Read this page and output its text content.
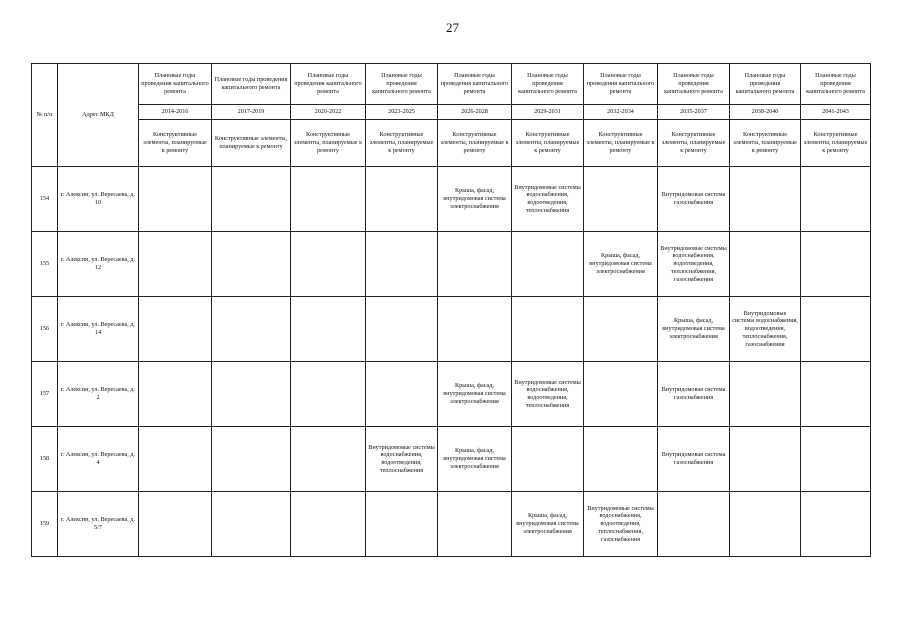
27
№ п/п	Адрес МКД	Плановые годы проведения капитального ремонта	Плановые годы проведения капитального ремонта	Плановые годы проведения капитального ремонта	Плановые годы проведения капитального ремонта	Плановые годы проведения капитального ремонта	Плановые годы проведения капитального ремонта	Плановые годы проведения капитального ремонта	Плановые годы проведения капитального ремонта	Плановые годы проведения капитального ремонта	Плановые годы проведения капитального ремонта
		2014-2016	2017-2019	2020-2022	2023-2025	2026-2028	2029-2031	2032-2034	2035-2037	2038-2040	2041-2043
		Конструктивные элементы, планируемые к ремонту	Конструктивные элементы, планируемые к ремонту	Конструктивные элементы, планируемые к ремонту	Конструктивные элементы, планируемые к ремонту	Конструктивные элементы, планируемые к ремонту	Конструктивные элементы, планируемые к ремонту	Конструктивные элементы, планируемые к ремонту	Конструктивные элементы, планируемые к ремонту	Конструктивные элементы, планируемые к ремонту	Конструктивные элементы, планируемые к ремонту
154	г. Алексин, ул. Вересаева, д. 10					Крыша, фасад, внутридомовая система электроснабжения	Внутридомовые системы водоснабжения, водоотведения, теплоснабжения		Внутридомовая система газоснабжения		
155	г. Алексин, ул. Вересаева, д. 12							Крыша, фасад, внутридомовая система электроснабжения	Внутридомовые системы водоснабжения, водоотведения, теплоснабжения, газоснабжения		
156	г. Алексин, ул. Вересаева, д. 14								Крыша, фасад, внутридомовая система электроснабжения	Внутридомовые системы водоснабжения, водоотведения, теплоснабжения, газоснабжения	
157	г. Алексин, ул. Вересаева, д. 2					Крыша, фасад, внутридомовая система электроснабжения	Внутридомовые системы водоснабжения, водоотведения, теплоснабжения		Внутридомовая система газоснабжения		
158	г. Алексин, ул. Вересаева, д. 4				Внутридомовые системы водоснабжения, водоотведения, теплоснабжения	Крыша, фасад, внутридомовая система электроснабжения			Внутридомовая система газоснабжения		
159	г. Алексин, ул. Вересаева, д. 5/7						Крыша, фасад, внутридомовая система электроснабжения	Внутридомовые системы водоснабжения, водоотведения, теплоснабжения, газоснабжения			
